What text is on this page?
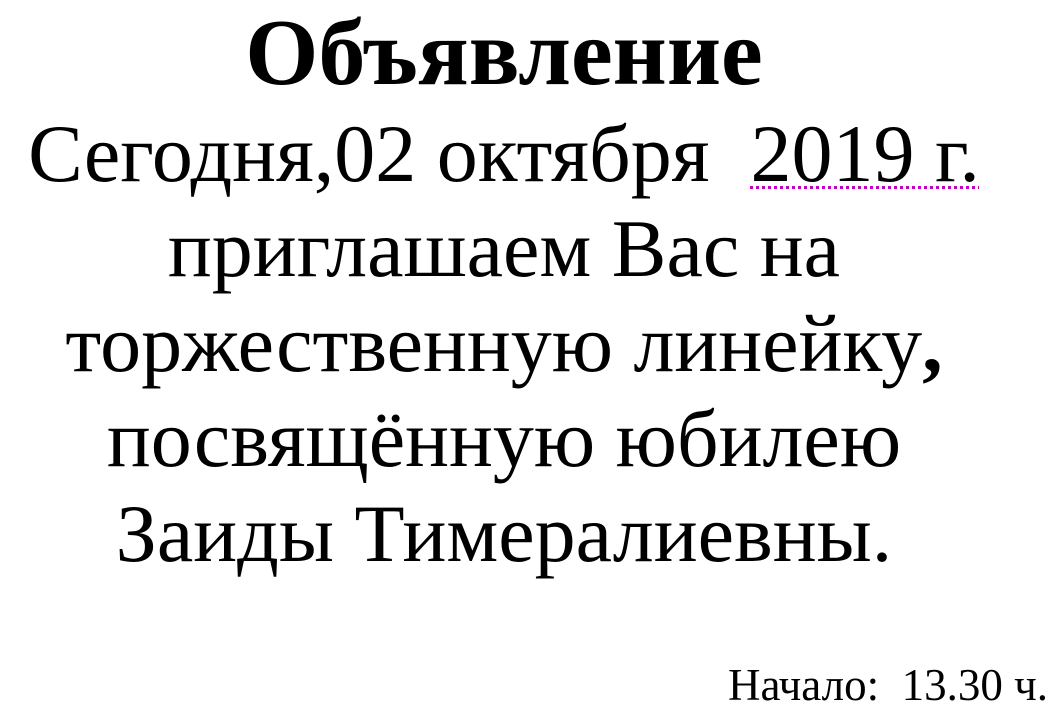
Объявление
Сегодня,02 октября  2019 г.
приглашаем Вас на
торжественную линейку,
посвящённую юбилею
Заиды Тимералиевны.
Начало:  13.30 ч.
